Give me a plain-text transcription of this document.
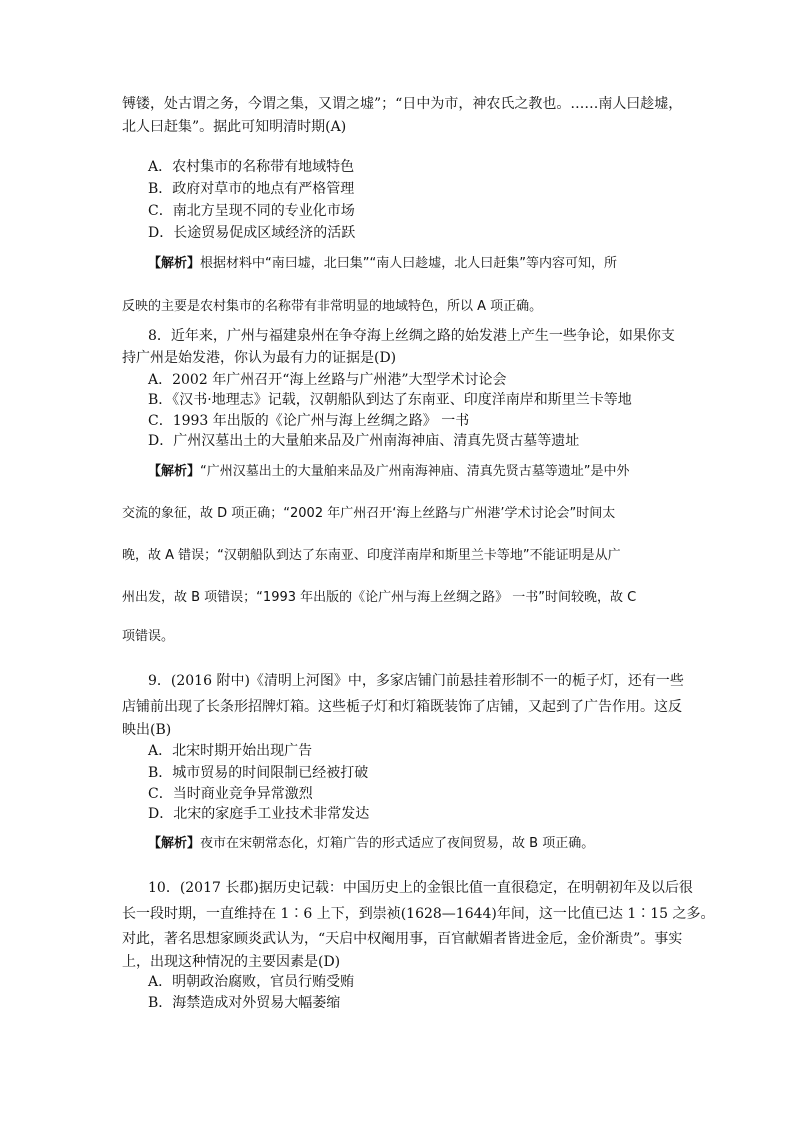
镈镂，处古谓之务，今谓之集，又谓之墟”；“日中为市，神农氏之教也。……南人曰趁墟，
北人曰赶集”。据此可知明清时期(A)
A．农村集市的名称带有地域特色
B．政府对草市的地点有严格管理
C．南北方呈现不同的专业化市场
D．长途贸易促成区域经济的活跃
【解析】根据材料中“南曰墟，北曰集”“南人曰趁墟，北人曰赶集”等内容可知，所
反映的主要是农村集市的名称带有非常明显的地域特色，所以 A 项正确。
8．近年来，广州与福建泉州在争夺海上丝绸之路的始发港上产生一些争论，如果你支
持广州是始发港，你认为最有力的证据是(D)
A．2002 年广州召开“海上丝路与广州港”大型学术讨论会
B．《汉书·地理志》记载，汉朝船队到达了东南亚、印度洋南岸和斯里兰卡等地
C．1993 年出版的《论广州与海上丝绸之路》 一书
D．广州汉墓出土的大量舶来品及广州南海神庙、清真先贤古墓等遗址
【解析】“广州汉墓出土的大量舶来品及广州南海神庙、清真先贤古墓等遗址”是中外
交流的象征，故 D 项正确；“2002 年广州召开‘海上丝路与广州港’学术讨论会”时间太
晚，故 A 错误；“汉朝船队到达了东南亚、印度洋南岸和斯里兰卡等地”不能证明是从广
州出发，故 B 项错误；“1993 年出版的《论广州与海上丝绸之路》 一书”时间较晚，故 C
项错误。
9．(2016 附中)《清明上河图》中，多家店铺门前悬挂着形制不一的栀子灯，还有一些
店铺前出现了长条形招牌灯箱。这些栀子灯和灯箱既装饰了店铺，又起到了广告作用。这反
映出(B)
A．北宋时期开始出现广告
B．城市贸易的时间限制已经被打破
C．当时商业竞争异常激烈
D．北宋的家庭手工业技术非常发达
【解析】夜市在宋朝常态化，灯箱广告的形式适应了夜间贸易，故 B 项正确。
10．(2017 长郡)据历史记载：中国历史上的金银比值一直很稳定，在明朝初年及以后很
长一段时期，一直维持在 1∶6 上下，到崇祯(1628—1644)年间，这一比值已达 1∶15 之多。
对此，著名思想家顾炎武认为，“天启中权阉用事，百官献媚者皆进金卮，金价渐贵”。事实
上，出现这种情况的主要因素是(D)
A．明朝政治腐败，官员行贿受贿
B．海禁造成对外贸易大幅萎缩
